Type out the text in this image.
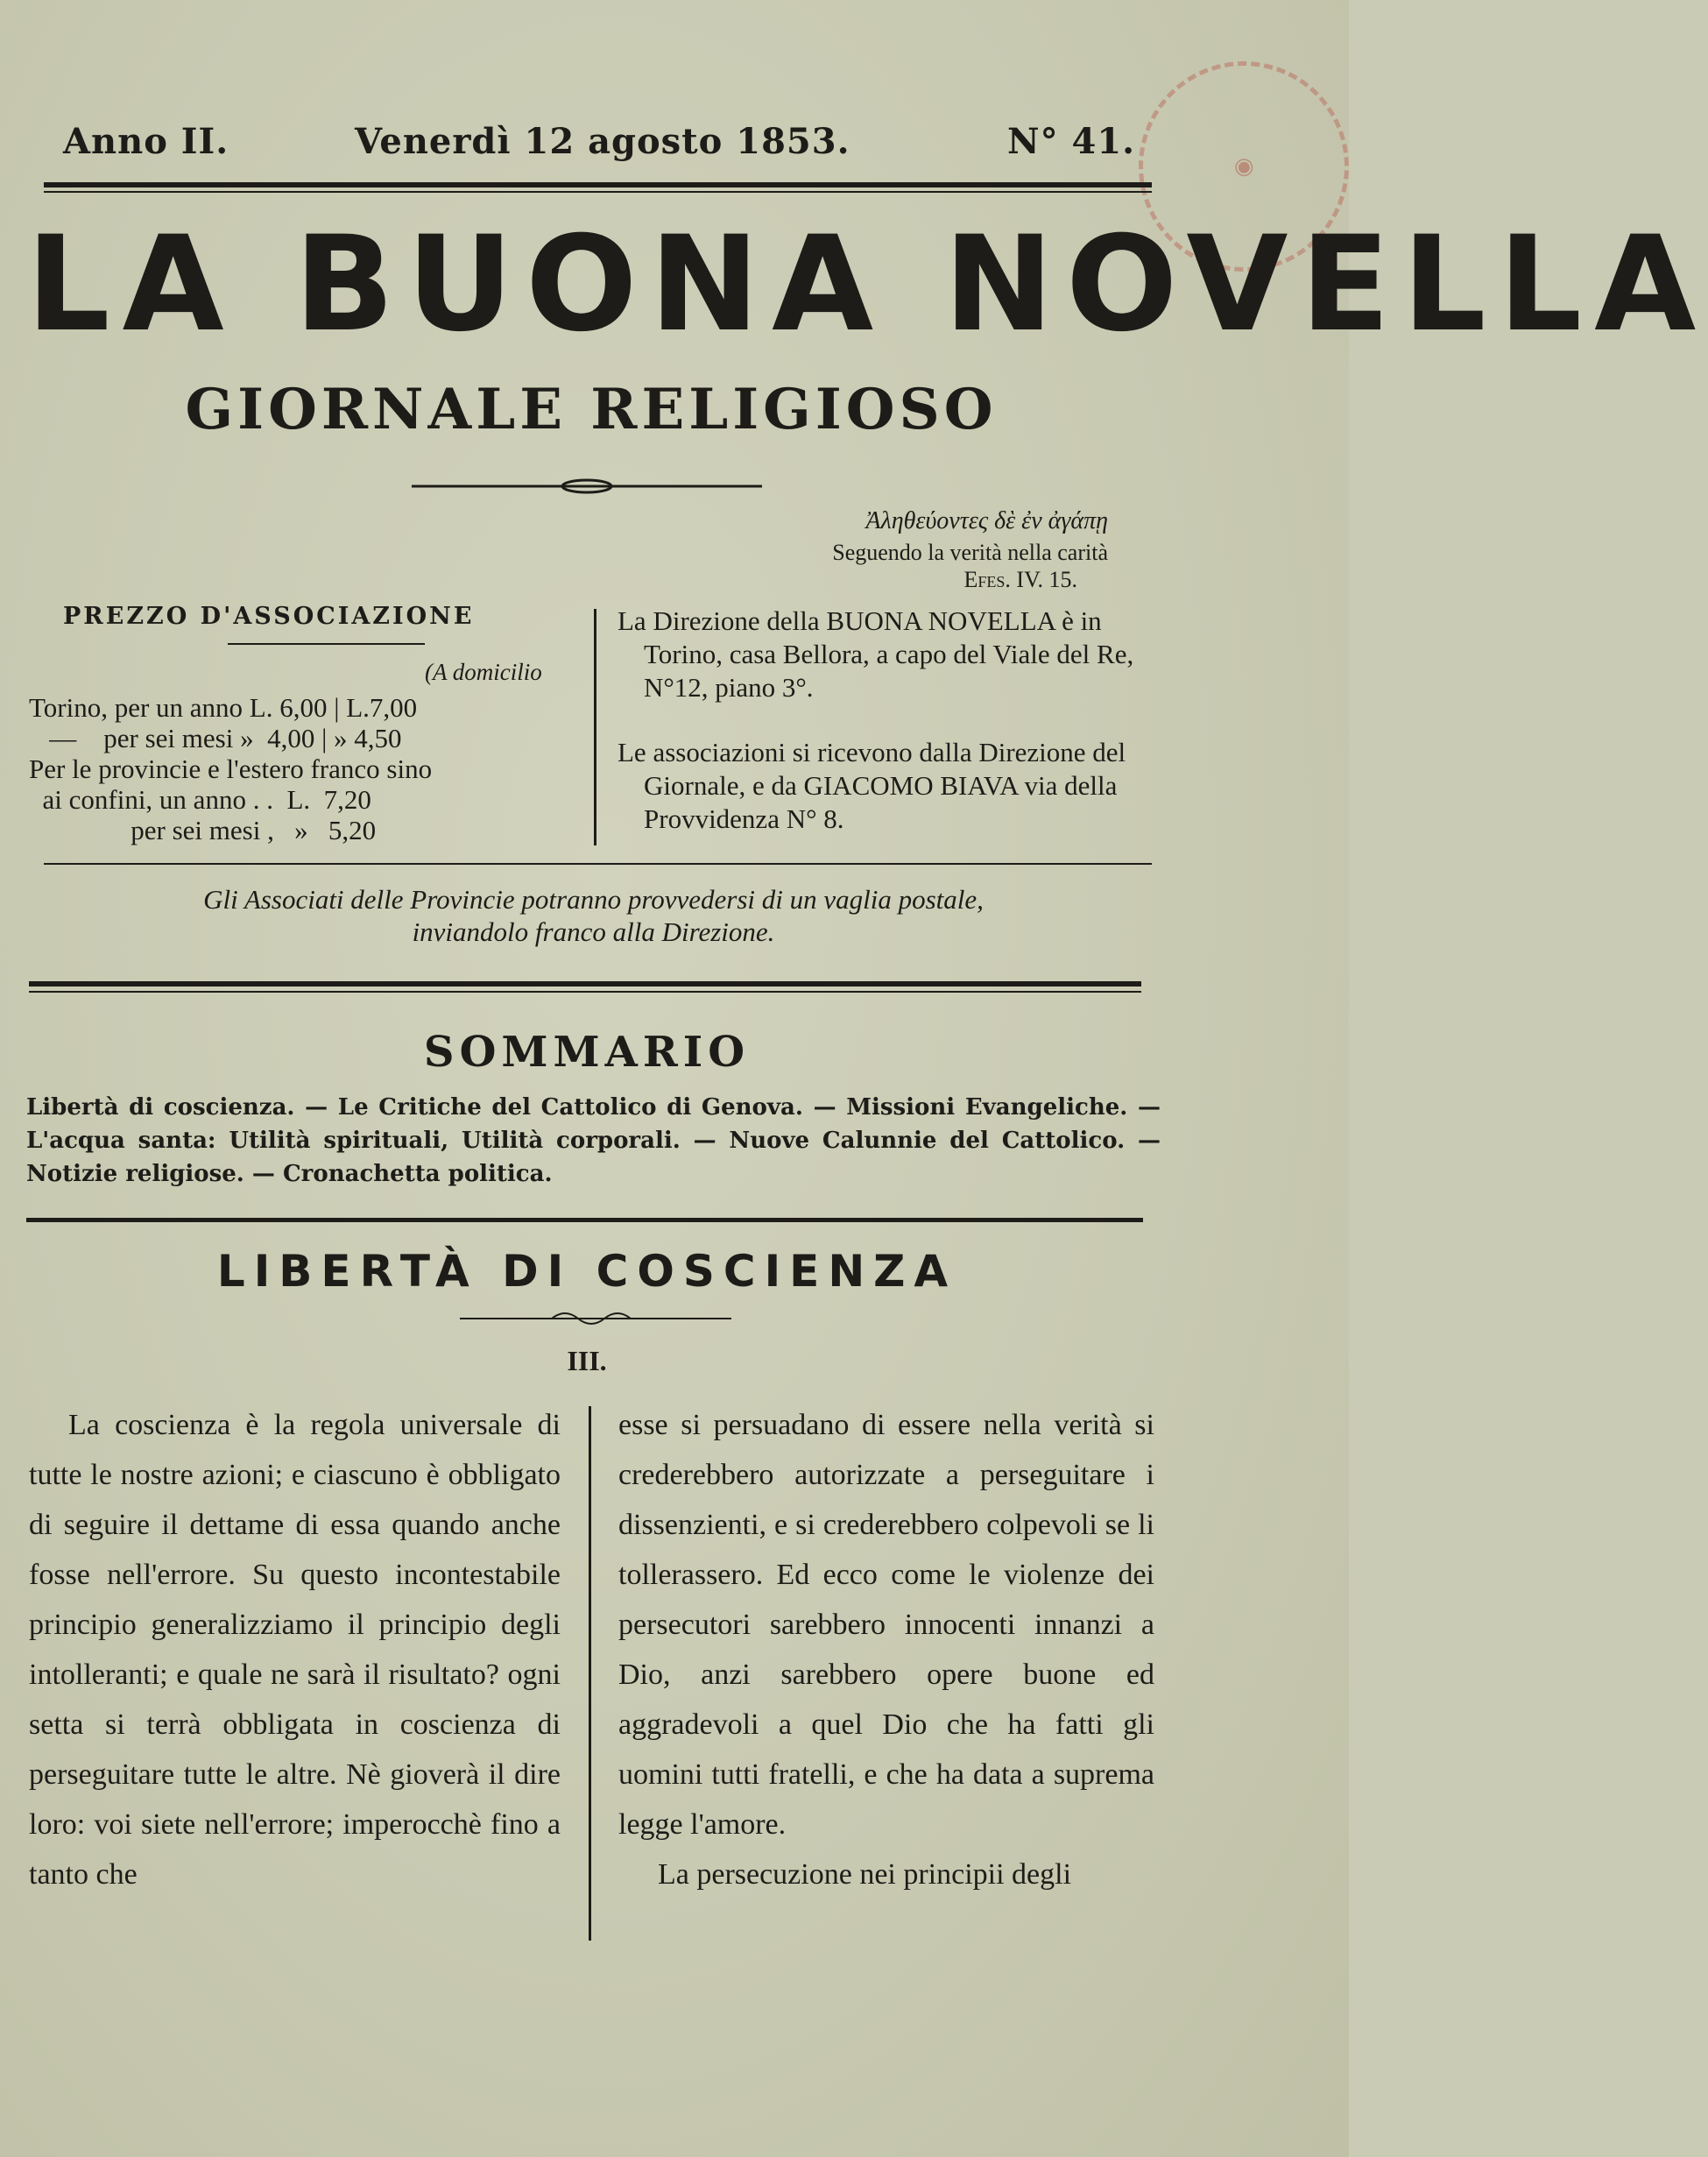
◉
Anno II.	Venerdì 12 agosto 1853.	N° 41.
LA BUONA NOVELLA
GIORNALE RELIGIOSO
Ἀληθεύοντες δὲ ἐν ἀγάπῃ
Seguendo la verità nella carità
Efes. IV. 15.
PREZZO D'ASSOCIAZIONE
(A domicilio
Torino, per un anno L. 6,00 | L.7,00
—    per sei mesi »  4,00 | » 4,50
Per le provincie e l'estero franco sino
ai confini, un anno . .  L.  7,20
per sei mesi ,   »   5,20
La Direzione della BUONA NOVELLA è in Torino, casa Bellora, a capo del Viale del Re, N°12, piano 3°.
Le associazioni si ricevono dalla Direzione del Giornale, e da GIACOMO BIAVA via della Provvidenza N° 8.
Gli Associati delle Provincie potranno provvedersi di un vaglia postale,
inviandolo franco alla Direzione.
SOMMARIO
Libertà di coscienza. — Le Critiche del Cattolico di Genova. — Missioni Evangeliche. — L'acqua santa: Utilità spirituali, Utilità corporali. — Nuove Calunnie del Cattolico. — Notizie religiose. — Cronachetta politica.
LIBERTÀ DI COSCIENZA
III.

La coscienza è la regola universale di tutte le nostre azioni; e ciascuno è obbligato di seguire il dettame di essa quando anche fosse nell'errore. Su questo incontestabile principio generalizziamo il principio degli intolleranti; e quale ne sarà il risultato? ogni setta si terrà obbligata in coscienza di perseguitare tutte le altre. Nè gioverà il dire loro: voi siete nell'errore; imperocchè fino a tanto che

esse si persuadano di essere nella verità si crederebbero autorizzate a perseguitare i dissenzienti, e si crederebbero colpevoli se li tollerassero. Ed ecco come le violenze dei persecutori sarebbero innocenti innanzi a Dio, anzi sarebbero opere buone ed aggradevoli a quel Dio che ha fatti gli uomini tutti fratelli, e che ha data a suprema legge l'amore.

La persecuzione nei principii degli
